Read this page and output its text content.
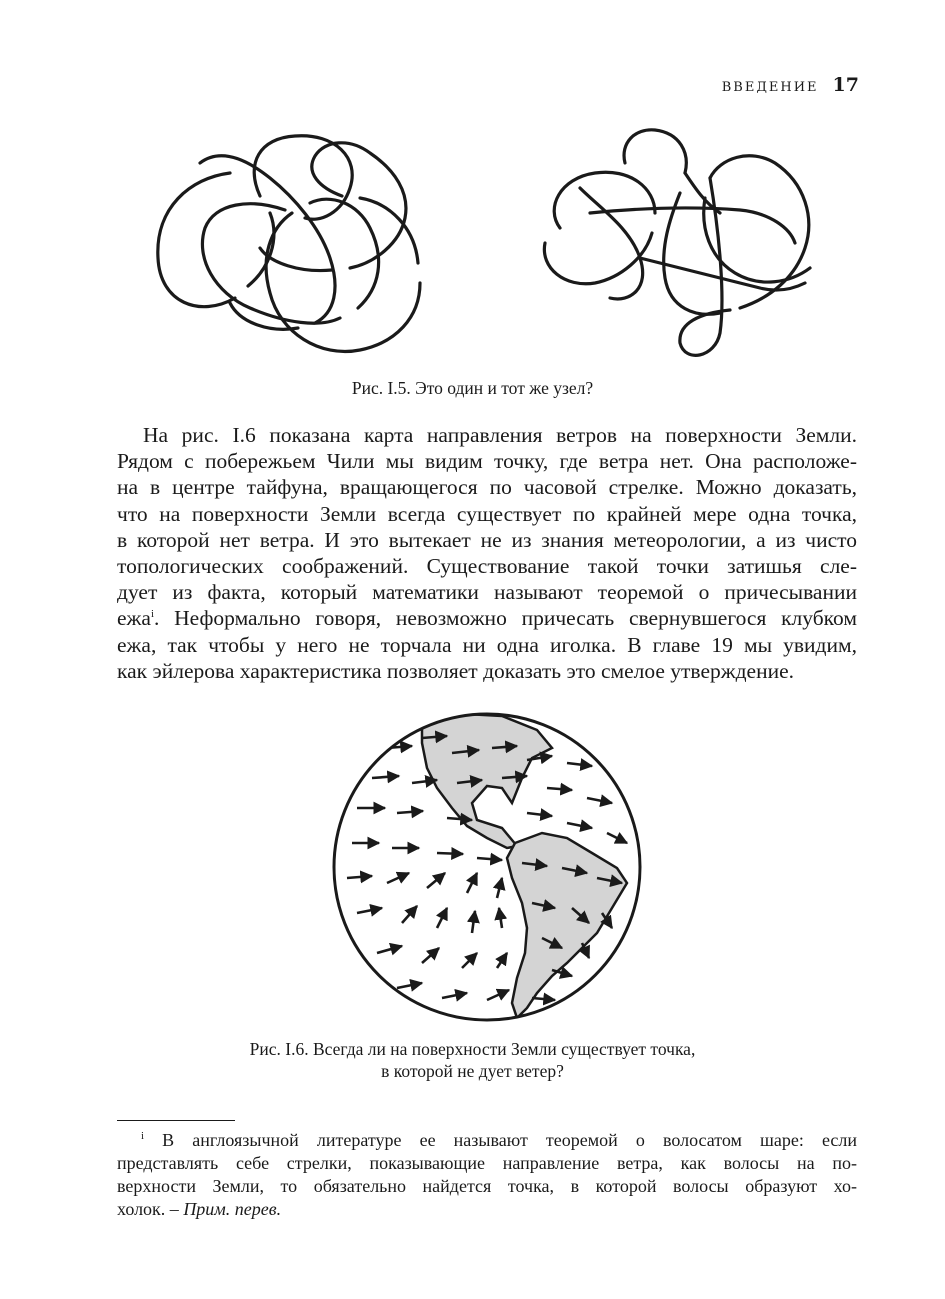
ВВЕДЕНИЕ 17
Рис. I.5. Это один и тот же узел?
На рис. I.6 показана карта направления ветров на поверхности Земли.
Рядом с побережьем Чили мы видим точку, где ветра нет. Она расположе-
на в центре тайфуна, вращающегося по часовой стрелке. Можно доказать,
что на поверхности Земли всегда существует по крайней мере одна точка,
в которой нет ветра. И это вытекает не из знания метеорологии, а из чисто
топологических соображений. Существование такой точки затишья сле-
дует из факта, который математики называют теоремой о причесывании
ежа$^i$. Неформально говоря, невозможно причесать свернувшегося клубком
ежа, так чтобы у него не торчала ни одна иголка. В главе 19 мы увидим,
как эйлерова характеристика позволяет доказать это смелое утверждение.
Рис. I.6. Всегда ли на поверхности Земли существует точка,
в которой не дует ветер?
$^i$ В англоязычной литературе ее называют теоремой о волосатом шаре: если
представлять себе стрелки, показывающие направление ветра, как волосы на по-
верхности Земли, то обязательно найдется точка, в которой волосы образуют хо-
холок. – Прим. перев.
